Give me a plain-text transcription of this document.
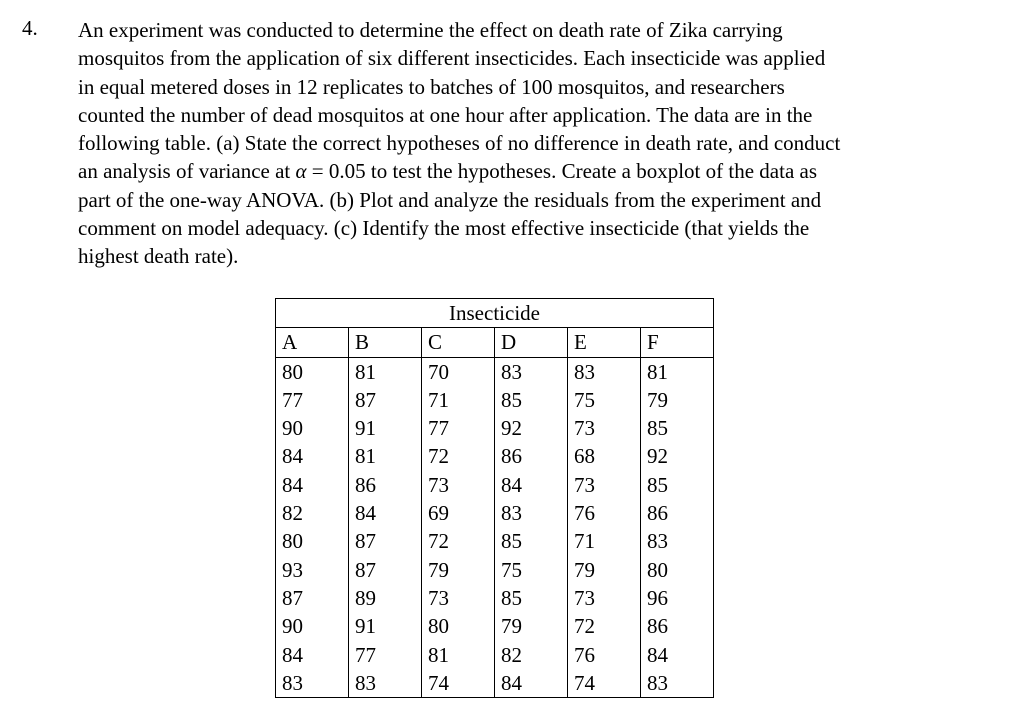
4. An experiment was conducted to determine the effect on death rate of Zika carrying
mosquitos from the application of six different insecticides. Each insecticide was applied
in equal metered doses in 12 replicates to batches of 100 mosquitos, and researchers
counted the number of dead mosquitos at one hour after application. The data are in the
following table. (a) State the correct hypotheses of no difference in death rate, and conduct
an analysis of variance at α = 0.05 to test the hypotheses. Create a boxplot of the data as
part of the one-way ANOVA. (b) Plot and analyze the residuals from the experiment and
comment on model adequacy. (c) Identify the most effective insecticide (that yields the
highest death rate).
Insecticide					
A	B	C	D	E	F
80	81	70	83	83	81
77	87	71	85	75	79
90	91	77	92	73	85
84	81	72	86	68	92
84	86	73	84	73	85
82	84	69	83	76	86
80	87	72	85	71	83
93	87	79	75	79	80
87	89	73	85	73	96
90	91	80	79	72	86
84	77	81	82	76	84
83	83	74	84	74	83
